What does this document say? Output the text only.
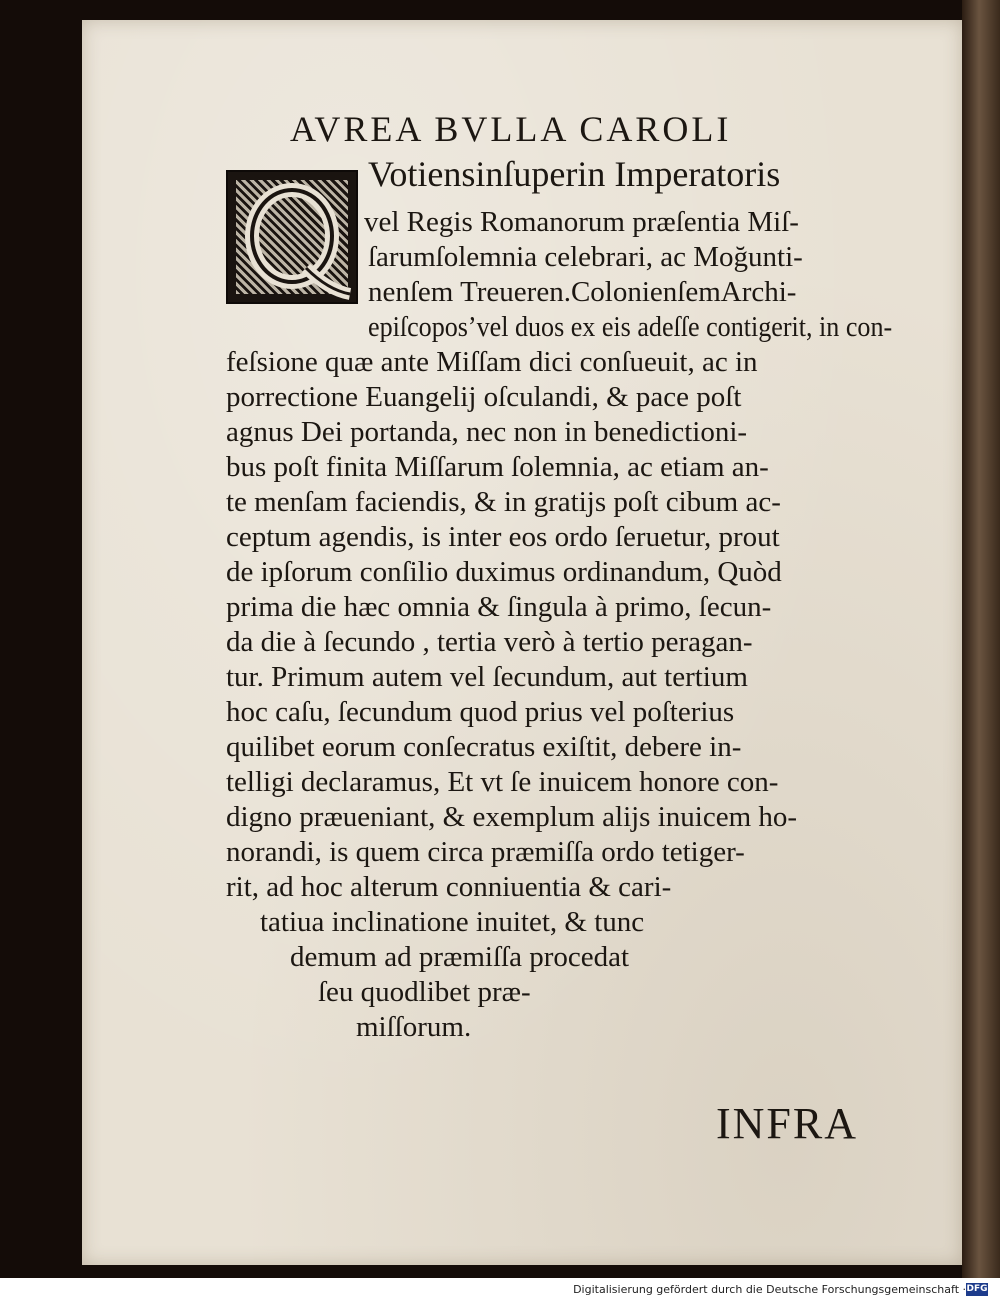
AVREA BVLLA CAROLI
Votiensinſuperin Imperatoris
vel Regis Romanorum præſentia Miſ-
ſarumſolemnia celebrari, ac Moğunti-
nenſem Treueren.ColonienſemArchi-
epiſcopos’vel duos ex eis adeſſe contigerit, in con-
feſsione quæ ante Miſſam dici conſueuit, ac in
porrectione Euangelij oſculandi, & pace poſt
agnus Dei portanda, nec non in benedictioni-
bus poſt finita Miſſarum ſolemnia, ac etiam an-
te menſam faciendis, & in gratijs poſt cibum ac-
ceptum agendis, is inter eos ordo ſeruetur, prout
de ipſorum conſilio duximus ordinandum, Quòd
prima die hæc omnia & ſingula à primo, ſecun-
da die à ſecundo , tertia verò à tertio peragan-
tur. Primum autem vel ſecundum, aut tertium
hoc caſu, ſecundum quod prius vel poſterius
quilibet eorum conſecratus exiſtit, debere in-
telligi declaramus, Et vt ſe inuicem honore con-
digno præueniant, & exemplum alijs inuicem ho-
norandi, is quem circa præmiſſa ordo tetiger-
rit, ad hoc alterum conniuentia & cari-
tatiua inclinatione inuitet, & tunc
demum ad præmiſſa procedat
ſeu quodlibet præ-
miſſorum.
INFRA
Digitalisierung gefördert durch die Deutsche Forschungsgemeinschaft · DFG
